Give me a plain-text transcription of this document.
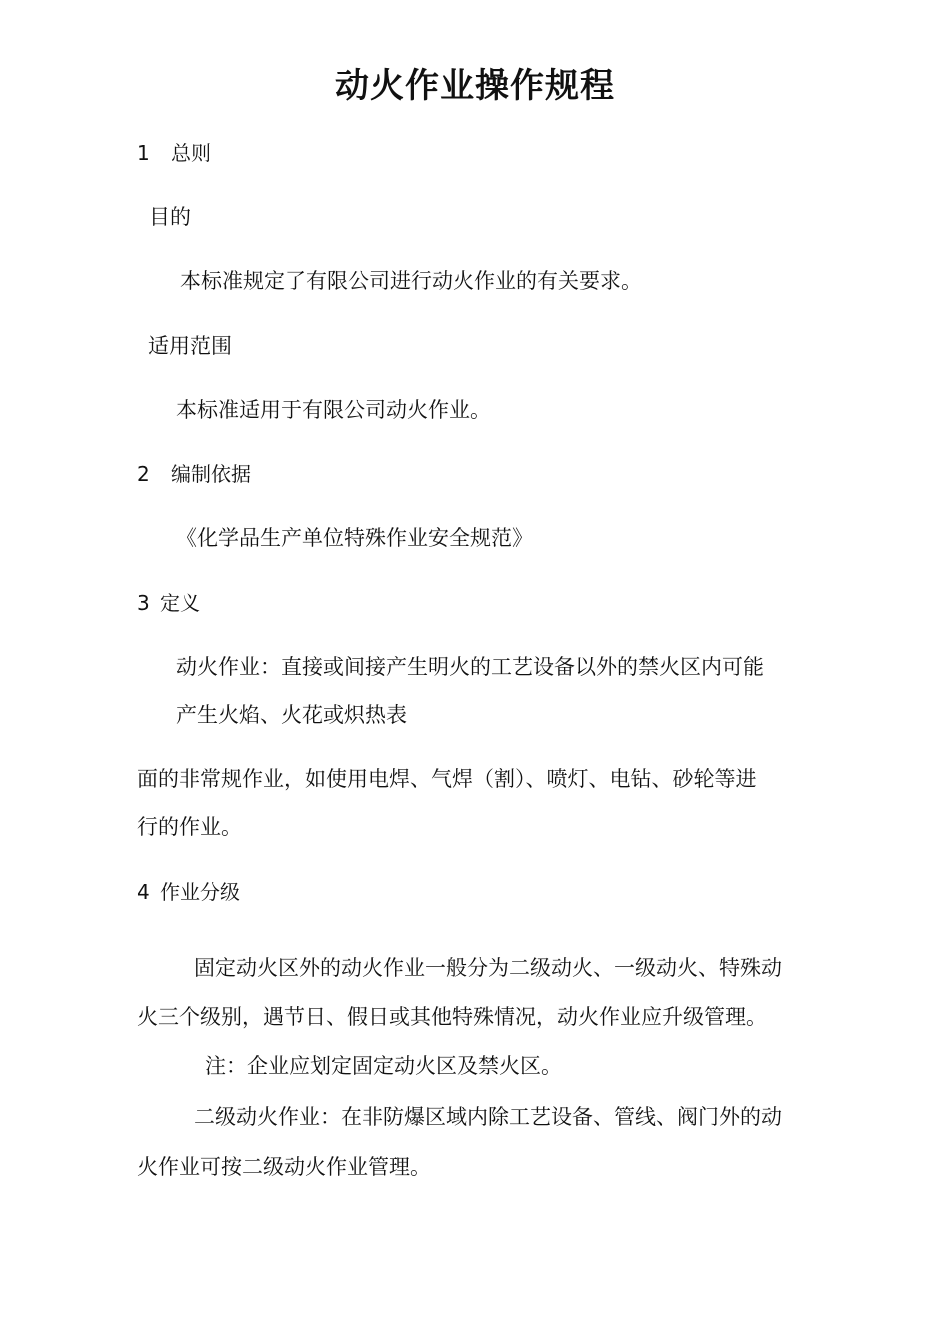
动火作业操作规程
1 总则
目的
本标准规定了有限公司进行动火作业的有关要求。
适用范围
本标准适用于有限公司动火作业。
2 编制依据
《化学品生产单位特殊作业安全规范》
3 定义
动火作业：直接或间接产生明火的工艺设备以外的禁火区内可能
产生火焰、火花或炽热表
面的非常规作业，如使用电焊、气焊（割）、喷灯、电钻、砂轮等进
行的作业。
4 作业分级
固定动火区外的动火作业一般分为二级动火、一级动火、特殊动
火三个级别，遇节日、假日或其他特殊情况，动火作业应升级管理。
注：企业应划定固定动火区及禁火区。
二级动火作业：在非防爆区域内除工艺设备、管线、阀门外的动
火作业可按二级动火作业管理。
